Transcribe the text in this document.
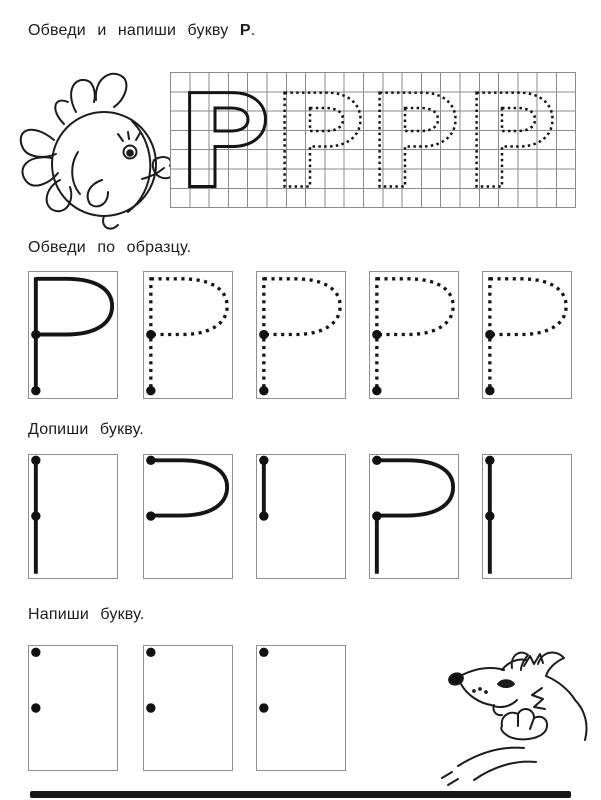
Обведи и напиши букву Р.
Обведи по образцу.
Допиши букву.
Напиши букву.
